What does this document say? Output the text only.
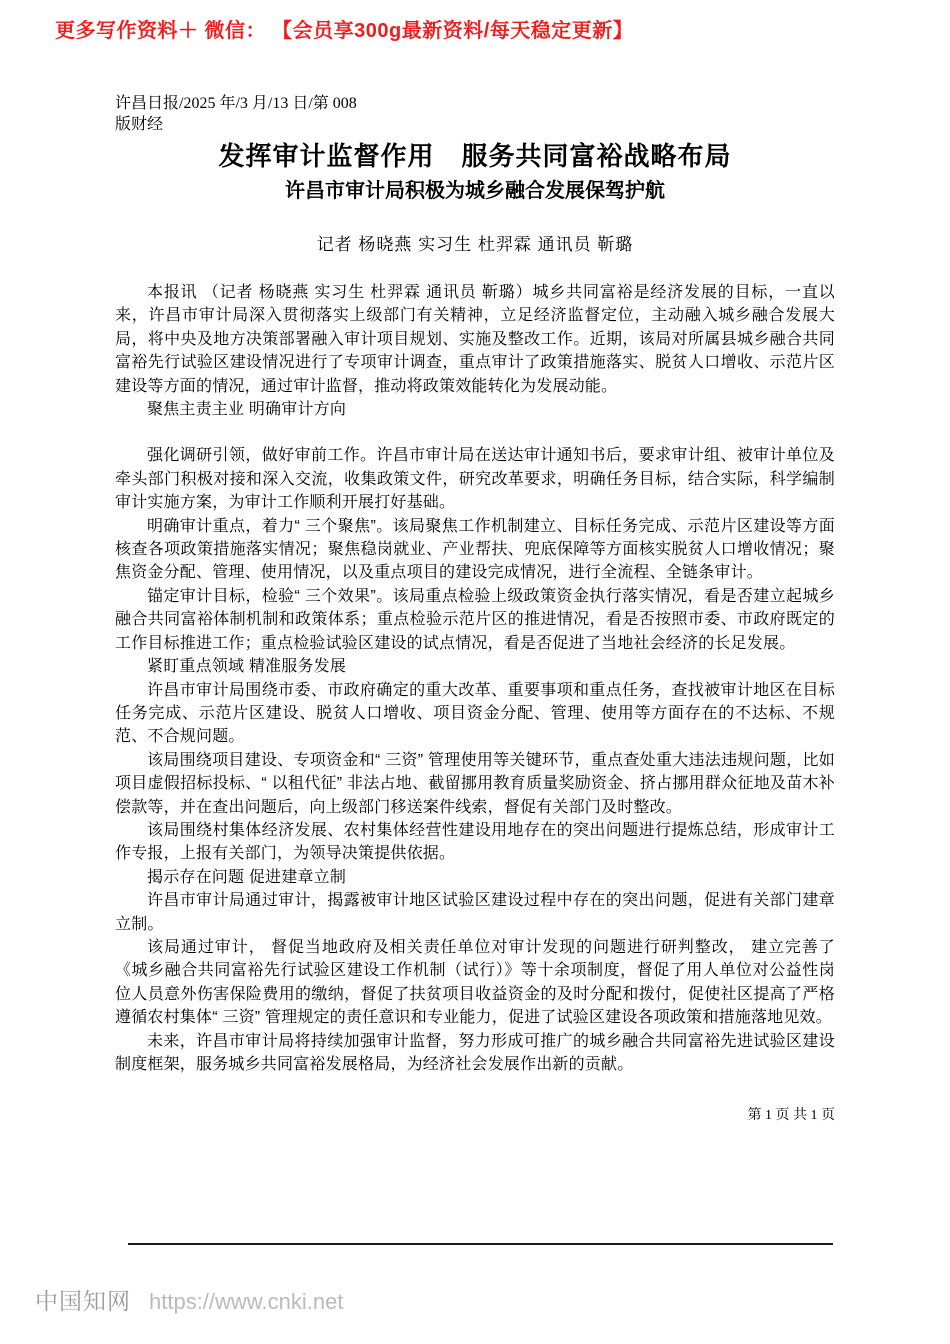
更多写作资料＋ 微信： 【会员享300g最新资料/每天稳定更新】
许昌日报/2025 年/3 月/13 日/第 008
版财经
发挥审计监督作用　服务共同富裕战略布局
许昌市审计局积极为城乡融合发展保驾护航
记者 杨晓燕 实习生 杜羿霖 通讯员 靳璐

本报讯 （记者 杨晓燕 实习生 杜羿霖 通讯员 靳璐）城乡共同富裕是经济发展的目标，一直以来，许昌市审计局深入贯彻落实上级部门有关精神，立足经济监督定位，主动融入城乡融合发展大局，将中央及地方决策部署融入审计项目规划、实施及整改工作。近期，该局对所属县城乡融合共同富裕先行试验区建设情况进行了专项审计调查，重点审计了政策措施落实、脱贫人口增收、示范片区建设等方面的情况，通过审计监督，推动将政策效能转化为发展动能。

聚焦主责主业 明确审计方向

强化调研引领，做好审前工作。许昌市审计局在送达审计通知书后，要求审计组、被审计单位及牵头部门积极对接和深入交流，收集政策文件，研究改革要求，明确任务目标，结合实际，科学编制审计实施方案，为审计工作顺利开展打好基础。

明确审计重点，着力“ 三个聚焦”。该局聚焦工作机制建立、目标任务完成、示范片区建设等方面核查各项政策措施落实情况；聚焦稳岗就业、产业帮扶、兜底保障等方面核实脱贫人口增收情况；聚焦资金分配、管理、使用情况，以及重点项目的建设完成情况，进行全流程、全链条审计。

锚定审计目标，检验“ 三个效果”。该局重点检验上级政策资金执行落实情况，看是否建立起城乡融合共同富裕体制机制和政策体系；重点检验示范片区的推进情况，看是否按照市委、市政府既定的工作目标推进工作；重点检验试验区建设的试点情况，看是否促进了当地社会经济的长足发展。

紧盯重点领域 精准服务发展

许昌市审计局围绕市委、市政府确定的重大改革、重要事项和重点任务，查找被审计地区在目标任务完成、示范片区建设、脱贫人口增收、项目资金分配、管理、使用等方面存在的不达标、不规范、不合规问题。

该局围绕项目建设、专项资金和“ 三资” 管理使用等关键环节，重点查处重大违法违规问题，比如项目虚假招标投标、“ 以租代征” 非法占地、截留挪用教育质量奖励资金、挤占挪用群众征地及苗木补偿款等，并在查出问题后，向上级部门移送案件线索，督促有关部门及时整改。

该局围绕村集体经济发展、农村集体经营性建设用地存在的突出问题进行提炼总结，形成审计工作专报，上报有关部门，为领导决策提供依据。

揭示存在问题 促进建章立制

许昌市审计局通过审计，揭露被审计地区试验区建设过程中存在的突出问题，促进有关部门建章立制。

该局通过审计， 督促当地政府及相关责任单位对审计发现的问题进行研判整改， 建立完善了 《城乡融合共同富裕先行试验区建设工作机制（试行）》等十余项制度，督促了用人单位对公益性岗位人员意外伤害保险费用的缴纳，督促了扶贫项目收益资金的及时分配和拨付，促使社区提高了严格遵循农村集体“ 三资” 管理规定的责任意识和专业能力，促进了试验区建设各项政策和措施落地见效。

未来，许昌市审计局将持续加强审计监督，努力形成可推广的城乡融合共同富裕先进试验区建设制度框架，服务城乡共同富裕发展格局，为经济社会发展作出新的贡献。

第 1 页 共 1 页
中国知网 https://www.cnki.net
